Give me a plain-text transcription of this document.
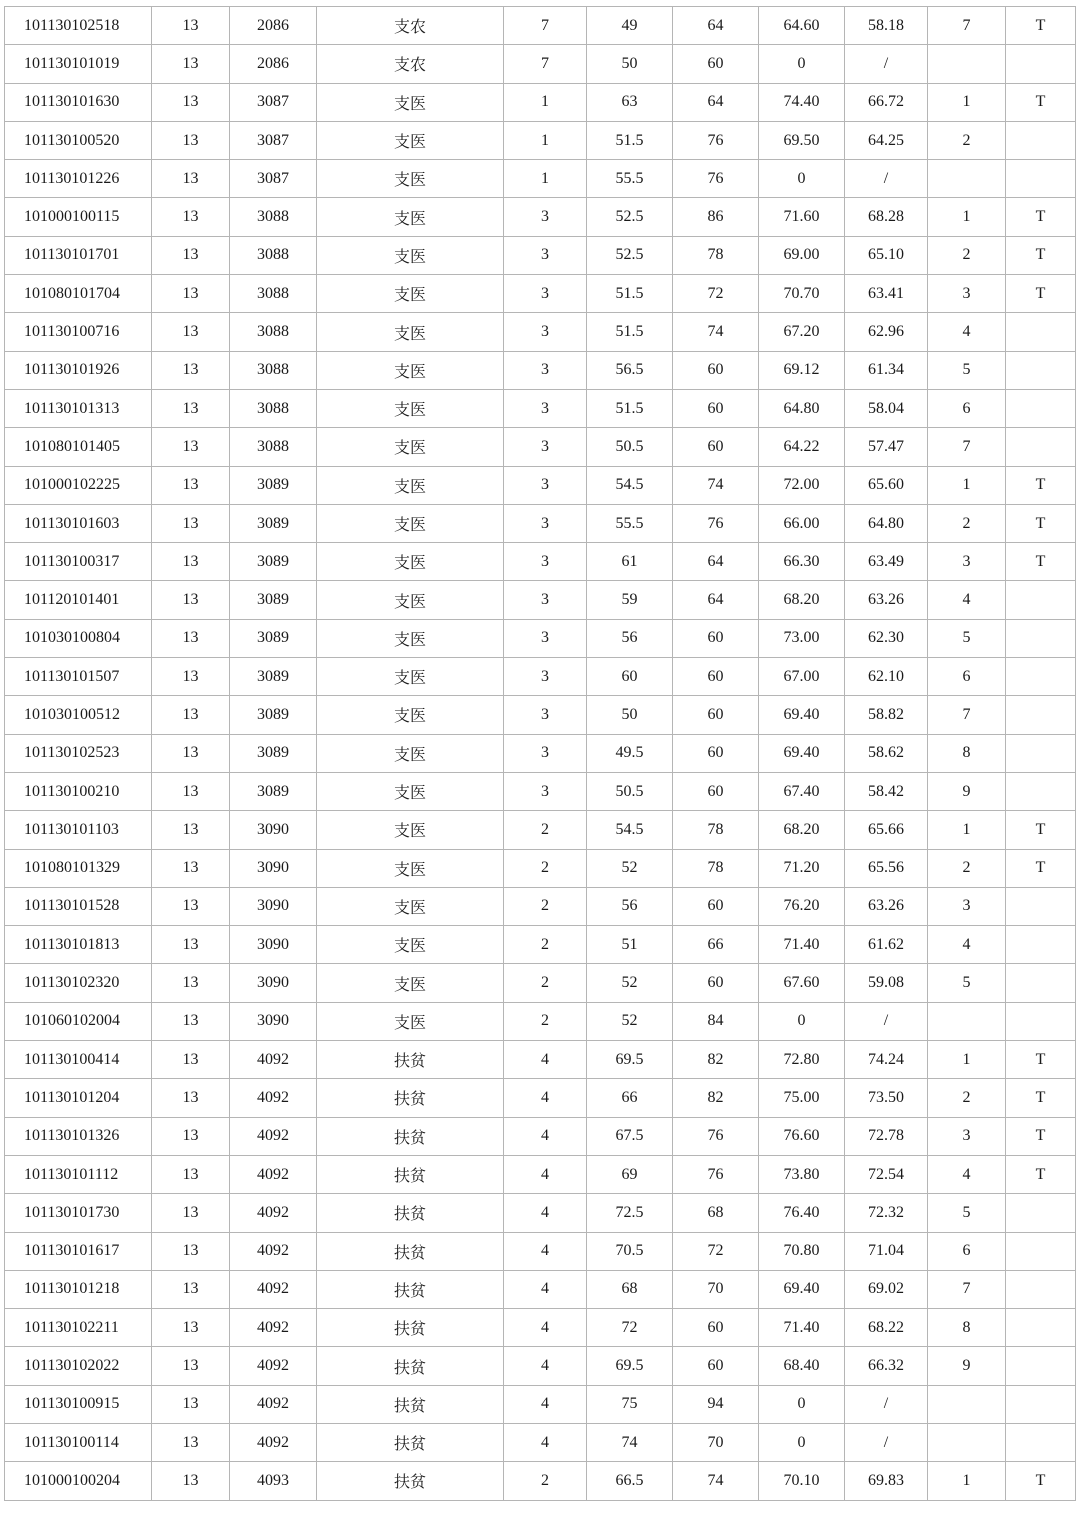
101130102518	13	2086	支农	7	49	64	64.60	58.18	7	T
101130101019	13	2086	支农	7	50	60	0	/		
101130101630	13	3087	支医	1	63	64	74.40	66.72	1	T
101130100520	13	3087	支医	1	51.5	76	69.50	64.25	2	
101130101226	13	3087	支医	1	55.5	76	0	/		
101000100115	13	3088	支医	3	52.5	86	71.60	68.28	1	T
101130101701	13	3088	支医	3	52.5	78	69.00	65.10	2	T
101080101704	13	3088	支医	3	51.5	72	70.70	63.41	3	T
101130100716	13	3088	支医	3	51.5	74	67.20	62.96	4	
101130101926	13	3088	支医	3	56.5	60	69.12	61.34	5	
101130101313	13	3088	支医	3	51.5	60	64.80	58.04	6	
101080101405	13	3088	支医	3	50.5	60	64.22	57.47	7	
101000102225	13	3089	支医	3	54.5	74	72.00	65.60	1	T
101130101603	13	3089	支医	3	55.5	76	66.00	64.80	2	T
101130100317	13	3089	支医	3	61	64	66.30	63.49	3	T
101120101401	13	3089	支医	3	59	64	68.20	63.26	4	
101030100804	13	3089	支医	3	56	60	73.00	62.30	5	
101130101507	13	3089	支医	3	60	60	67.00	62.10	6	
101030100512	13	3089	支医	3	50	60	69.40	58.82	7	
101130102523	13	3089	支医	3	49.5	60	69.40	58.62	8	
101130100210	13	3089	支医	3	50.5	60	67.40	58.42	9	
101130101103	13	3090	支医	2	54.5	78	68.20	65.66	1	T
101080101329	13	3090	支医	2	52	78	71.20	65.56	2	T
101130101528	13	3090	支医	2	56	60	76.20	63.26	3	
101130101813	13	3090	支医	2	51	66	71.40	61.62	4	
101130102320	13	3090	支医	2	52	60	67.60	59.08	5	
101060102004	13	3090	支医	2	52	84	0	/		
101130100414	13	4092	扶贫	4	69.5	82	72.80	74.24	1	T
101130101204	13	4092	扶贫	4	66	82	75.00	73.50	2	T
101130101326	13	4092	扶贫	4	67.5	76	76.60	72.78	3	T
101130101112	13	4092	扶贫	4	69	76	73.80	72.54	4	T
101130101730	13	4092	扶贫	4	72.5	68	76.40	72.32	5	
101130101617	13	4092	扶贫	4	70.5	72	70.80	71.04	6	
101130101218	13	4092	扶贫	4	68	70	69.40	69.02	7	
101130102211	13	4092	扶贫	4	72	60	71.40	68.22	8	
101130102022	13	4092	扶贫	4	69.5	60	68.40	66.32	9	
101130100915	13	4092	扶贫	4	75	94	0	/		
101130100114	13	4092	扶贫	4	74	70	0	/		
101000100204	13	4093	扶贫	2	66.5	74	70.10	69.83	1	T
